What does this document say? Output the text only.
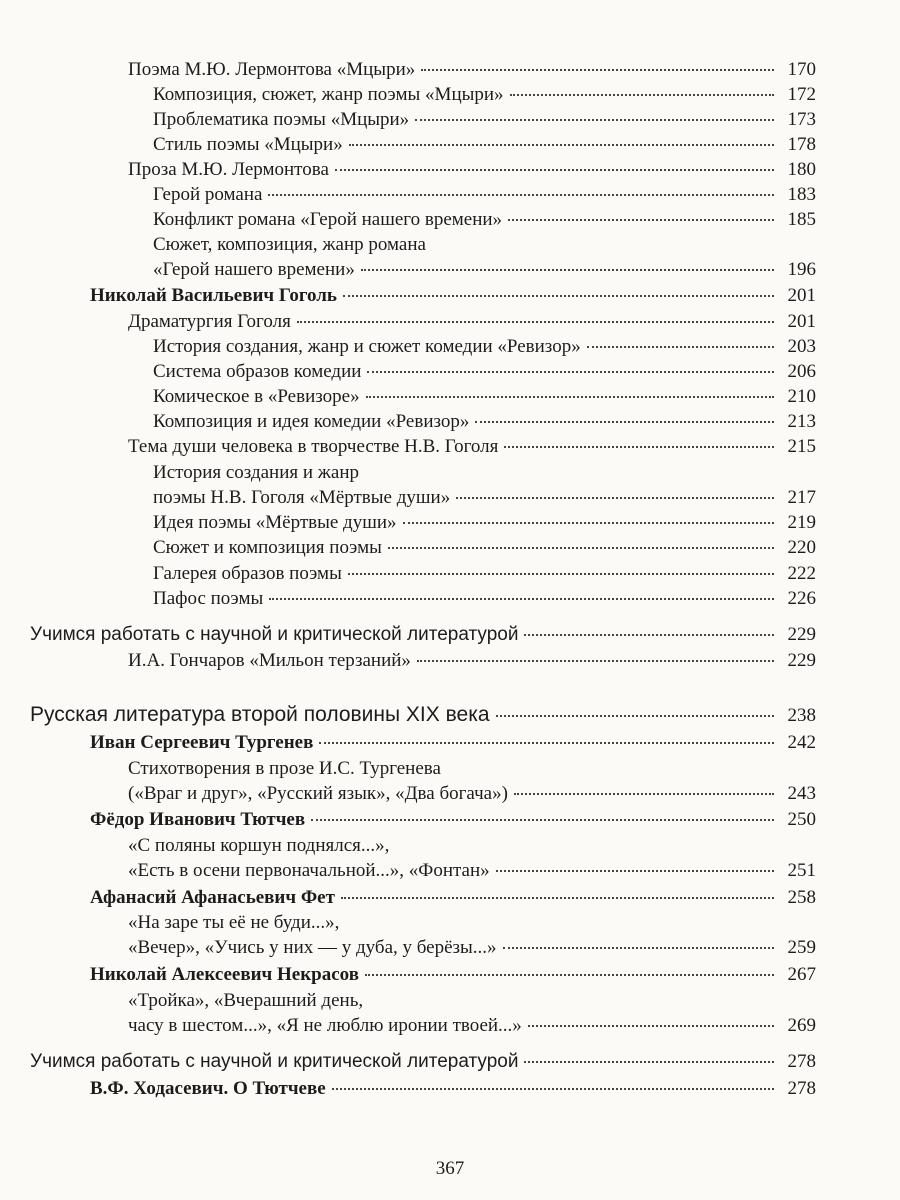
Поэма М.Ю. Лермонтова «Мцыри»	170
Композиция, сюжет, жанр поэмы «Мцыри»	172
Проблематика поэмы «Мцыри»	173
Стиль поэмы «Мцыри»	178
Проза М.Ю. Лермонтова	180
Герой романа	183
Конфликт романа «Герой нашего времени»	185
Сюжет, композиция, жанр романа
«Герой нашего времени»	196
Николай Васильевич Гоголь	201
Драматургия Гоголя	201
История создания, жанр и сюжет комедии «Ревизор»	203
Система образов комедии	206
Комическое в «Ревизоре»	210
Композиция и идея комедии «Ревизор»	213
Тема души человека в творчестве Н.В. Гоголя	215
История создания и жанр
поэмы Н.В. Гоголя «Мёртвые души»	217
Идея поэмы «Мёртвые души»	219
Сюжет и композиция поэмы	220
Галерея образов поэмы	222
Пафос поэмы	226
Учимся работать с научной и критической литературой	229
И.А. Гончаров «Мильон терзаний»	229
Русская литература второй половины XIX века	238
Иван Сергеевич Тургенев	242
Стихотворения в прозе И.С. Тургенева
(«Враг и друг», «Русский язык», «Два богача»)	243
Фёдор Иванович Тютчев	250
«С поляны коршун поднялся...»,
«Есть в осени первоначальной...», «Фонтан»	251
Афанасий Афанасьевич Фет	258
«На заре ты её не буди...»,
«Вечер», «Учись у них — у дуба, у берёзы...»	259
Николай Алексеевич Некрасов	267
«Тройка», «Вчерашний день,
часу в шестом...», «Я не люблю иронии твоей...»	269
Учимся работать с научной и критической литературой	278
В.Ф. Ходасевич. О Тютчеве	278
367
